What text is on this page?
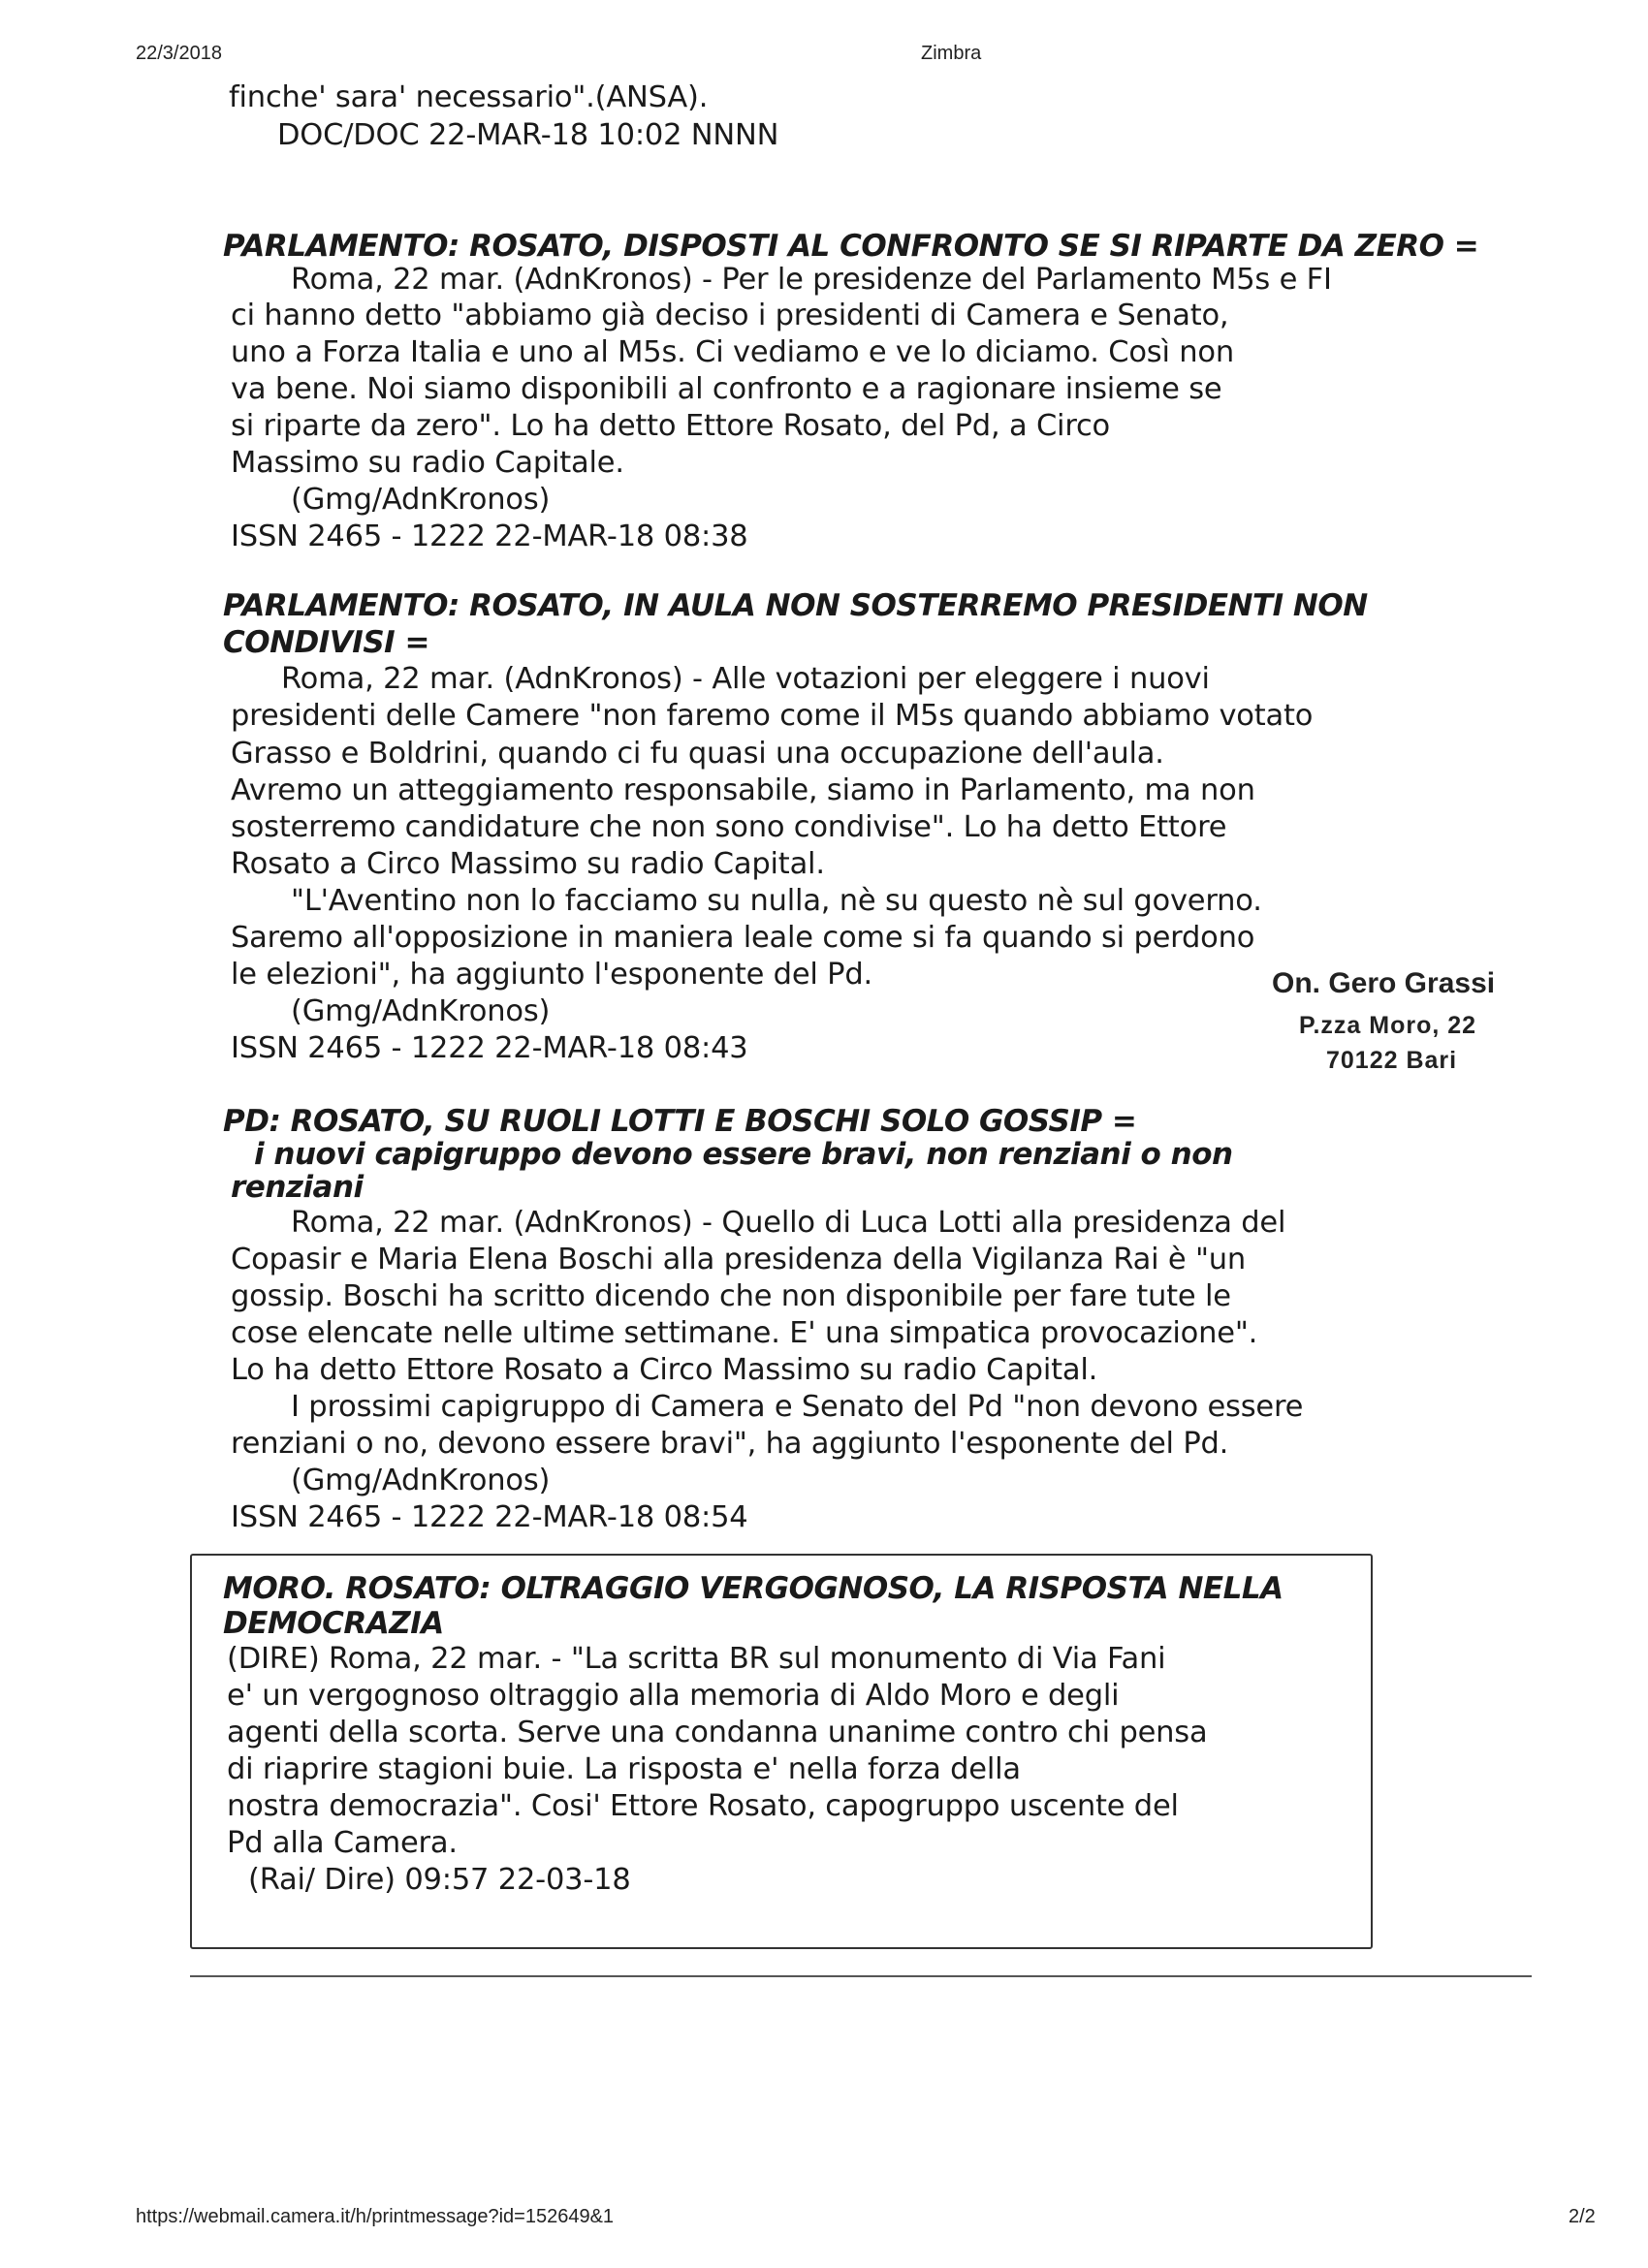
22/3/2018	Zimbra
https://webmail.camera.it/h/printmessage?id=152649&1	2/2
finche' sara' necessario".(ANSA).
DOC/DOC 22-MAR-18 10:02 NNNN
PARLAMENTO: ROSATO, DISPOSTI AL CONFRONTO SE SI RIPARTE DA ZERO =
Roma, 22 mar. (AdnKronos) - Per le presidenze del Parlamento M5s e FI
ci hanno detto "abbiamo già deciso i presidenti di Camera e Senato,
uno a Forza Italia e uno al M5s. Ci vediamo e ve lo diciamo. Così non
va bene. Noi siamo disponibili al confronto e a ragionare insieme se
si riparte da zero". Lo ha detto Ettore Rosato, del Pd, a Circo
Massimo su radio Capitale.
(Gmg/AdnKronos)
ISSN 2465 - 1222 22-MAR-18 08:38
PARLAMENTO: ROSATO, IN AULA NON SOSTERREMO PRESIDENTI NON
CONDIVISI =
Roma, 22 mar. (AdnKronos) - Alle votazioni per eleggere i nuovi
presidenti delle Camere "non faremo come il M5s quando abbiamo votato
Grasso e Boldrini, quando ci fu quasi una occupazione dell'aula.
Avremo un atteggiamento responsabile, siamo in Parlamento, ma non
sosterremo candidature che non sono condivise". Lo ha detto Ettore
Rosato a Circo Massimo su radio Capital.
"L'Aventino non lo facciamo su nulla, nè su questo nè sul governo.
Saremo all'opposizione in maniera leale come si fa quando si perdono
le elezioni", ha aggiunto l'esponente del Pd.
(Gmg/AdnKronos)
ISSN 2465 - 1222 22-MAR-18 08:43
On. Gero Grassi
P.zza Moro, 22
70122 Bari
PD: ROSATO, SU RUOLI LOTTI E BOSCHI SOLO GOSSIP =
i nuovi capigruppo devono essere bravi, non renziani o non
renziani
Roma, 22 mar. (AdnKronos) - Quello di Luca Lotti alla presidenza del
Copasir e Maria Elena Boschi alla presidenza della Vigilanza Rai è "un
gossip. Boschi ha scritto dicendo che non disponibile per fare tute le
cose elencate nelle ultime settimane. E' una simpatica provocazione".
Lo ha detto Ettore Rosato a Circo Massimo su radio Capital.
I prossimi capigruppo di Camera e Senato del Pd "non devono essere
renziani o no, devono essere bravi", ha aggiunto l'esponente del Pd.
(Gmg/AdnKronos)
ISSN 2465 - 1222 22-MAR-18 08:54
MORO. ROSATO: OLTRAGGIO VERGOGNOSO, LA RISPOSTA NELLA
DEMOCRAZIA
(DIRE) Roma, 22 mar. - "La scritta BR sul monumento di Via Fani
e' un vergognoso oltraggio alla memoria di Aldo Moro e degli
agenti della scorta. Serve una condanna unanime contro chi pensa
di riaprire stagioni buie. La risposta e' nella forza della
nostra democrazia". Cosi' Ettore Rosato, capogruppo uscente del
Pd alla Camera.
(Rai/ Dire) 09:57 22-03-18
